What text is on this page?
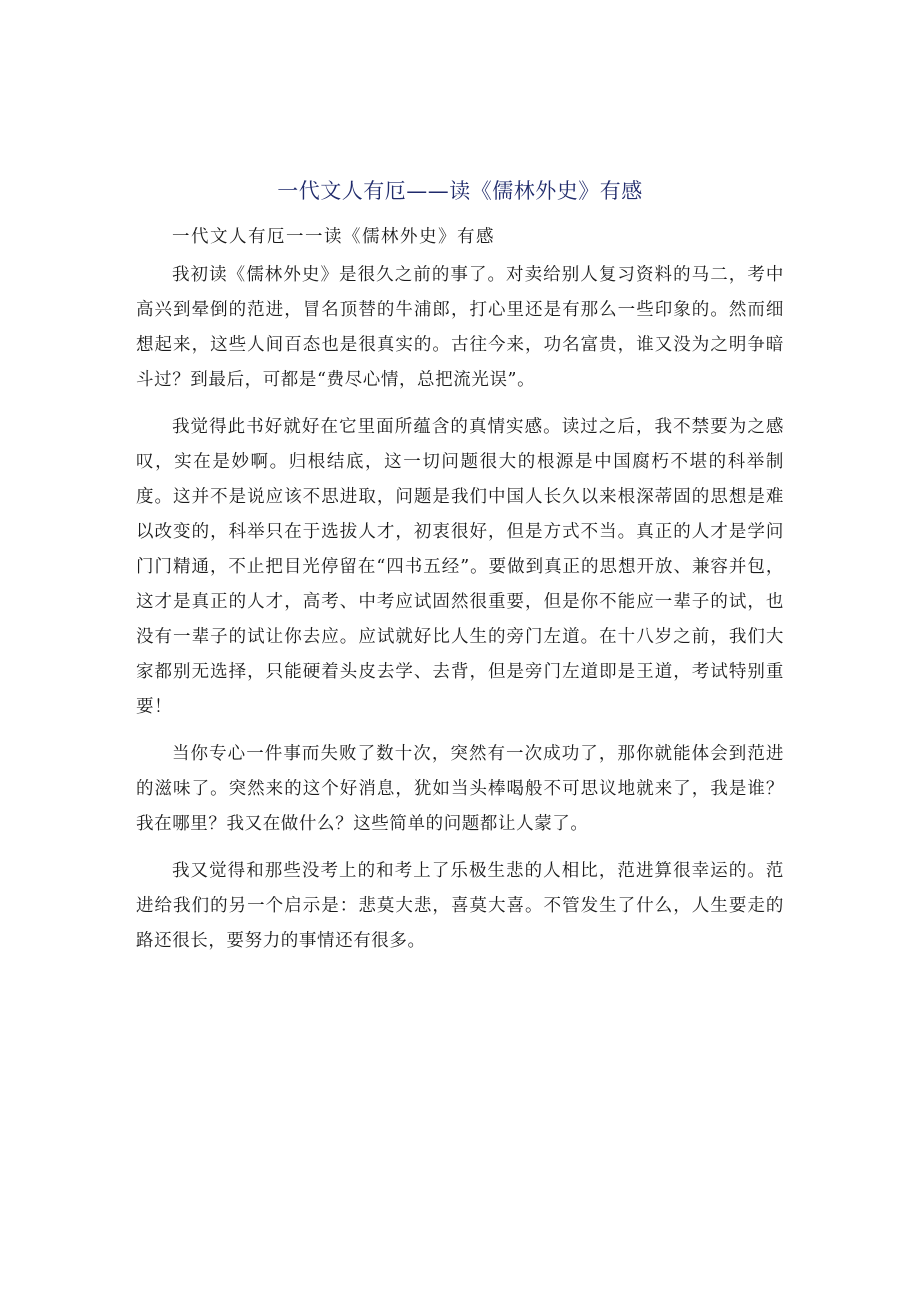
一代文人有厄——读《儒林外史》有感

一代文人有厄一一读《儒林外史》有感

我初读《儒林外史》是很久之前的事了。对卖给别人复习资料的马二，考中高兴到晕倒的范进，冒名顶替的牛浦郎，打心里还是有那么一些印象的。然而细想起来，这些人间百态也是很真实的。古往今来，功名富贵，谁又没为之明争暗斗过？到最后，可都是“费尽心情，总把流光误”。

我觉得此书好就好在它里面所蕴含的真情实感。读过之后，我不禁要为之感叹，实在是妙啊。归根结底，这一切问题很大的根源是中国腐朽不堪的科举制度。这并不是说应该不思进取，问题是我们中国人长久以来根深蒂固的思想是难以改变的，科举只在于选拔人才，初衷很好，但是方式不当。真正的人才是学问门门精通，不止把目光停留在“四书五经”。要做到真正的思想开放、兼容并包，这才是真正的人才，高考、中考应试固然很重要，但是你不能应一辈子的试，也没有一辈子的试让你去应。应试就好比人生的旁门左道。在十八岁之前，我们大家都别无选择，只能硬着头皮去学、去背，但是旁门左道即是王道，考试特别重要！

当你专心一件事而失败了数十次，突然有一次成功了，那你就能体会到范进的滋味了。突然来的这个好消息，犹如当头棒喝般不可思议地就来了，我是谁？我在哪里？我又在做什么？这些简单的问题都让人蒙了。

我又觉得和那些没考上的和考上了乐极生悲的人相比，范进算很幸运的。范进给我们的另一个启示是：悲莫大悲，喜莫大喜。不管发生了什么，人生要走的路还很长，要努力的事情还有很多。
